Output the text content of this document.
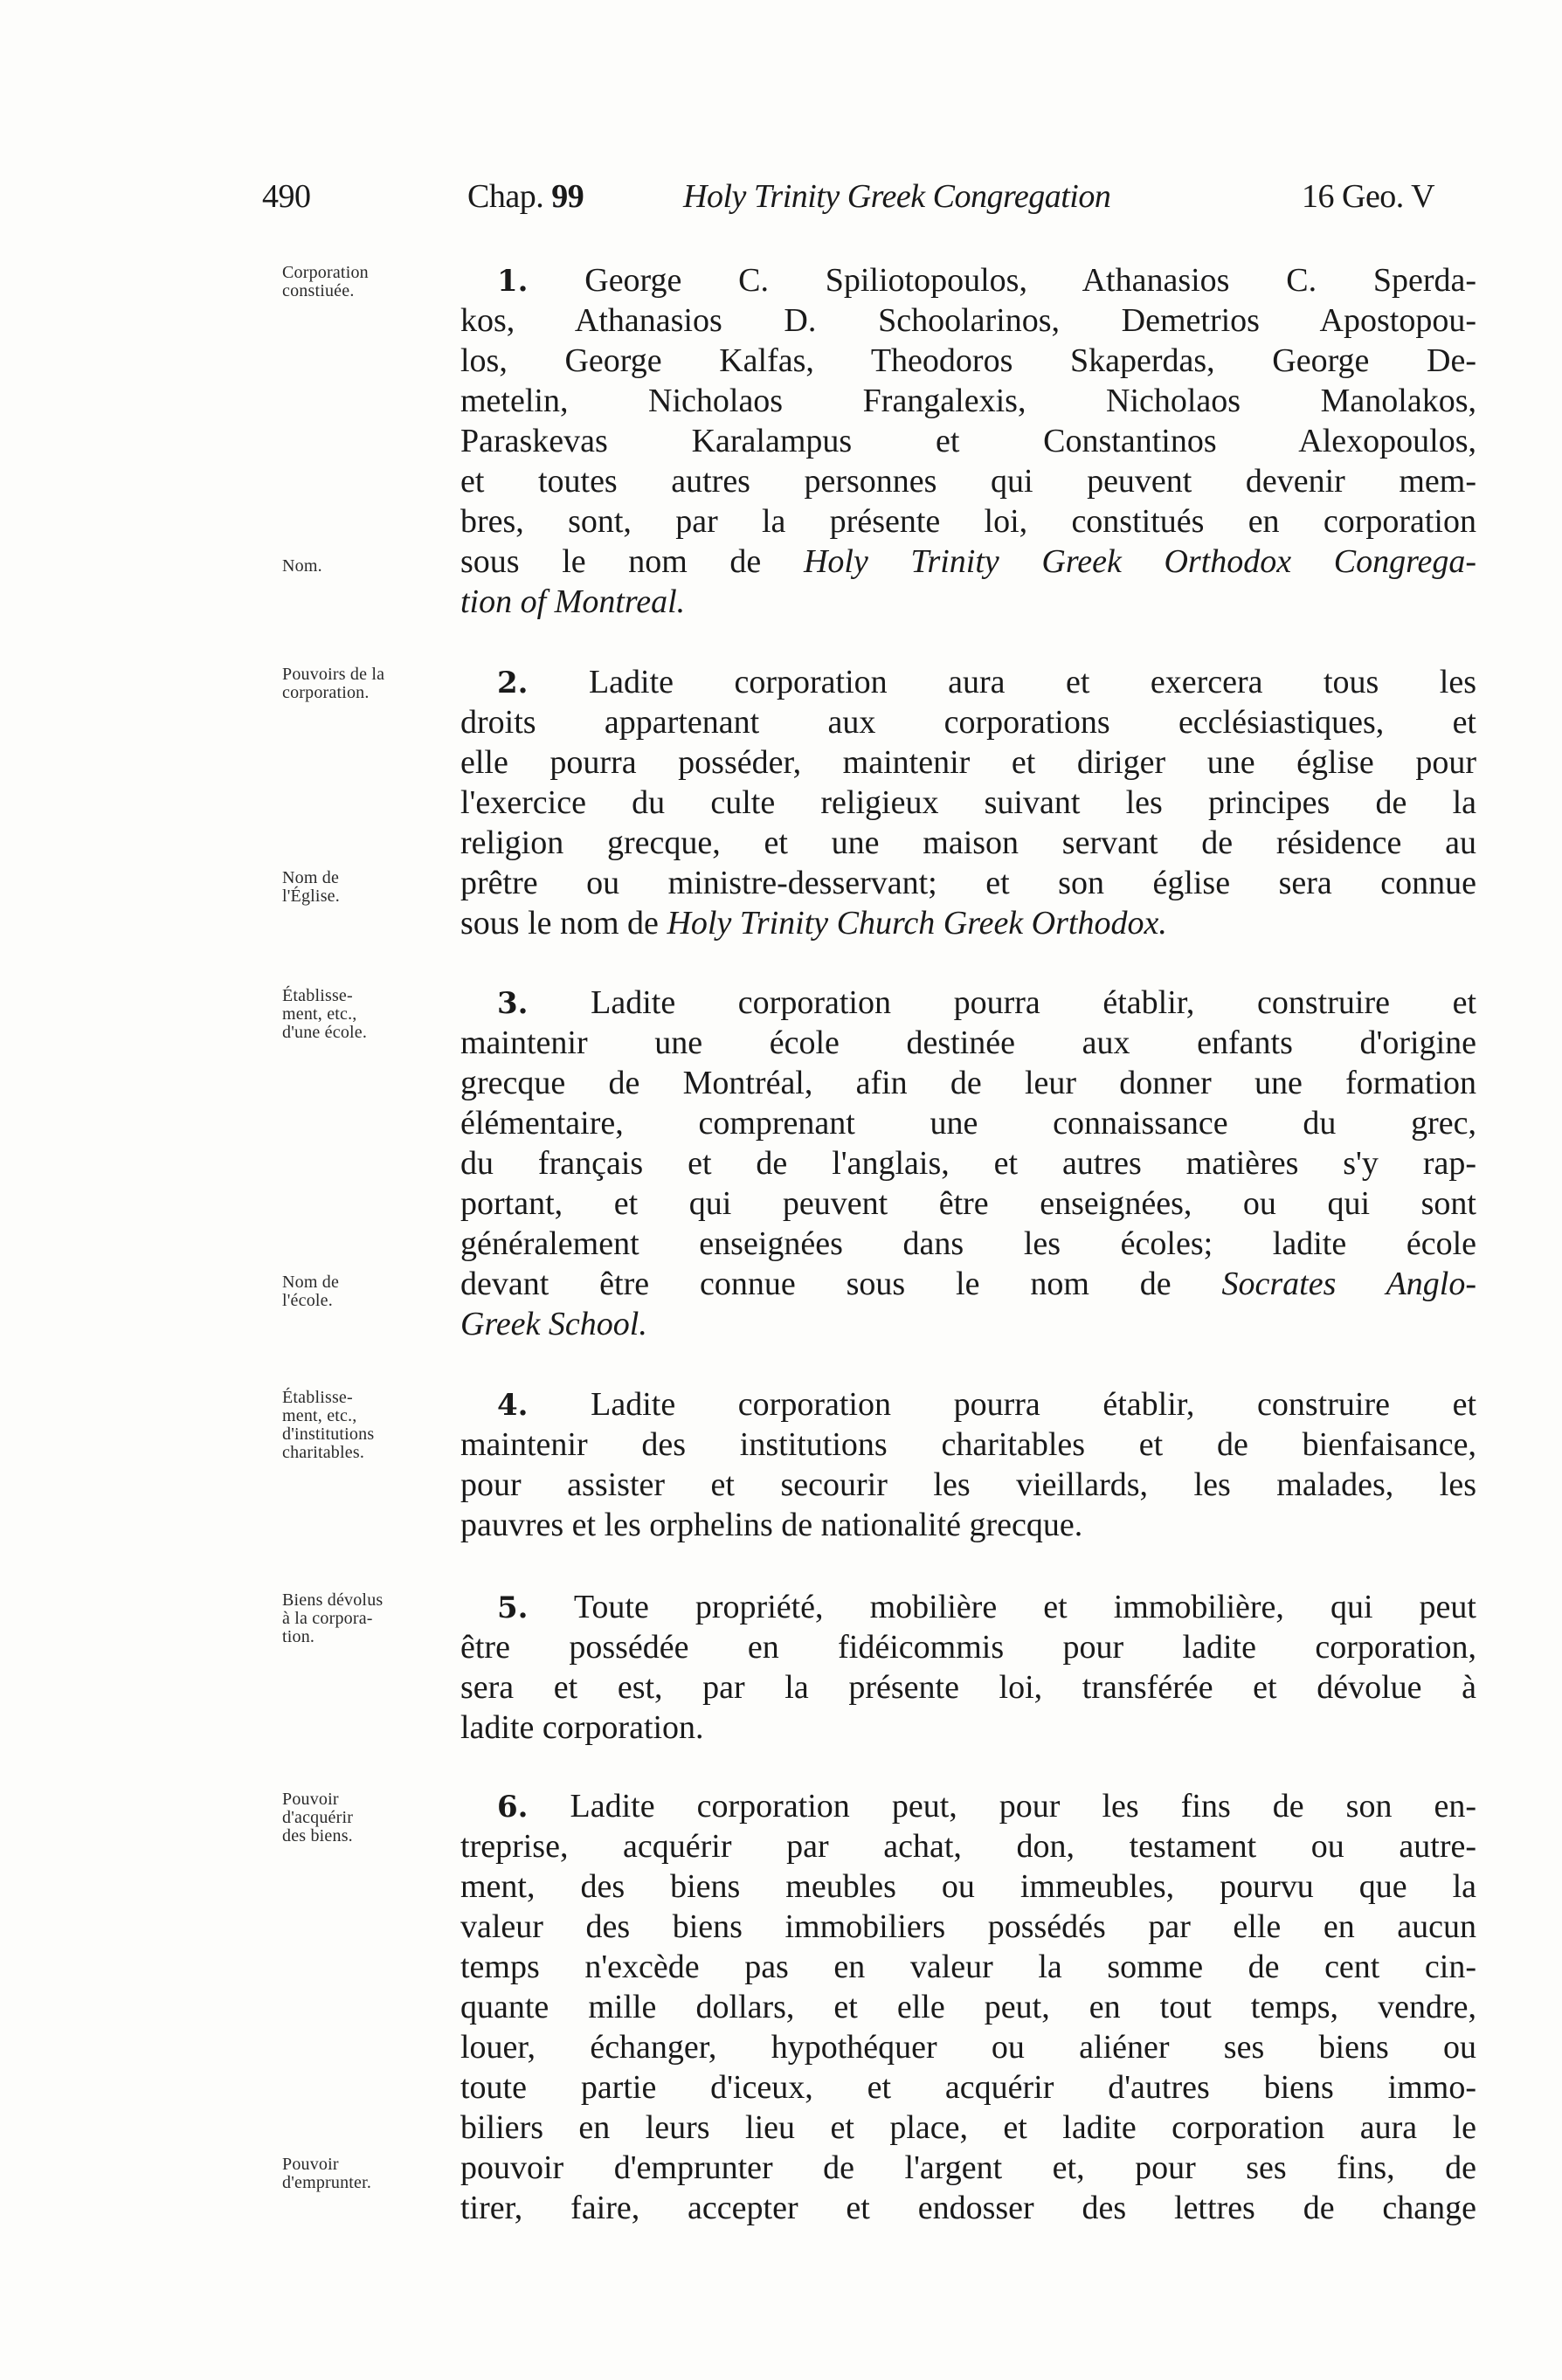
490	Chap. 99	Holy Trinity Greek Congregation	16 Geo. V
Corporation
constiuée.
Nom.
1. George C. Spiliotopoulos, Athanasios C. Sperda-
kos, Athanasios D. Schoolarinos, Demetrios Apostopou-
los, George Kalfas, Theodoros Skaperdas, George De-
metelin, Nicholaos Frangalexis, Nicholaos Manolakos,
Paraskevas Karalampus et Constantinos Alexopoulos,
et toutes autres personnes qui peuvent devenir mem-
bres, sont, par la présente loi, constitués en corporation
sous le nom de Holy Trinity Greek Orthodox Congrega-
tion of Montreal.
Pouvoirs de la
corporation.
Nom de
l'Église.
2. Ladite corporation aura et exercera tous les
droits appartenant aux corporations ecclésiastiques, et
elle pourra posséder, maintenir et diriger une église pour
l'exercice du culte religieux suivant les principes de la
religion grecque, et une maison servant de résidence au
prêtre ou ministre-desservant; et son église sera connue
sous le nom de Holy Trinity Church Greek Orthodox.
Établisse-
ment, etc.,
d'une école.
Nom de
l'école.
3. Ladite corporation pourra établir, construire et
maintenir une école destinée aux enfants d'origine
grecque de Montréal, afin de leur donner une formation
élémentaire, comprenant une connaissance du grec,
du français et de l'anglais, et autres matières s'y rap-
portant, et qui peuvent être enseignées, ou qui sont
généralement enseignées dans les écoles; ladite école
devant être connue sous le nom de Socrates Anglo-
Greek School.
Établisse-
ment, etc.,
d'institutions
charitables.
4. Ladite corporation pourra établir, construire et
maintenir des institutions charitables et de bienfaisance,
pour assister et secourir les vieillards, les malades, les
pauvres et les orphelins de nationalité grecque.
Biens dévolus
à la corpora-
tion.
5. Toute propriété, mobilière et immobilière, qui peut
être possédée en fidéicommis pour ladite corporation,
sera et est, par la présente loi, transférée et dévolue à
ladite corporation.
Pouvoir
d'acquérir
des biens.
Pouvoir
d'emprunter.
6. Ladite corporation peut, pour les fins de son en-
treprise, acquérir par achat, don, testament ou autre-
ment, des biens meubles ou immeubles, pourvu que la
valeur des biens immobiliers possédés par elle en aucun
temps n'excède pas en valeur la somme de cent cin-
quante mille dollars, et elle peut, en tout temps, vendre,
louer, échanger, hypothéquer ou aliéner ses biens ou
toute partie d'iceux, et acquérir d'autres biens immo-
biliers en leurs lieu et place, et ladite corporation aura le
pouvoir d'emprunter de l'argent et, pour ses fins, de
tirer, faire, accepter et endosser des lettres de change
